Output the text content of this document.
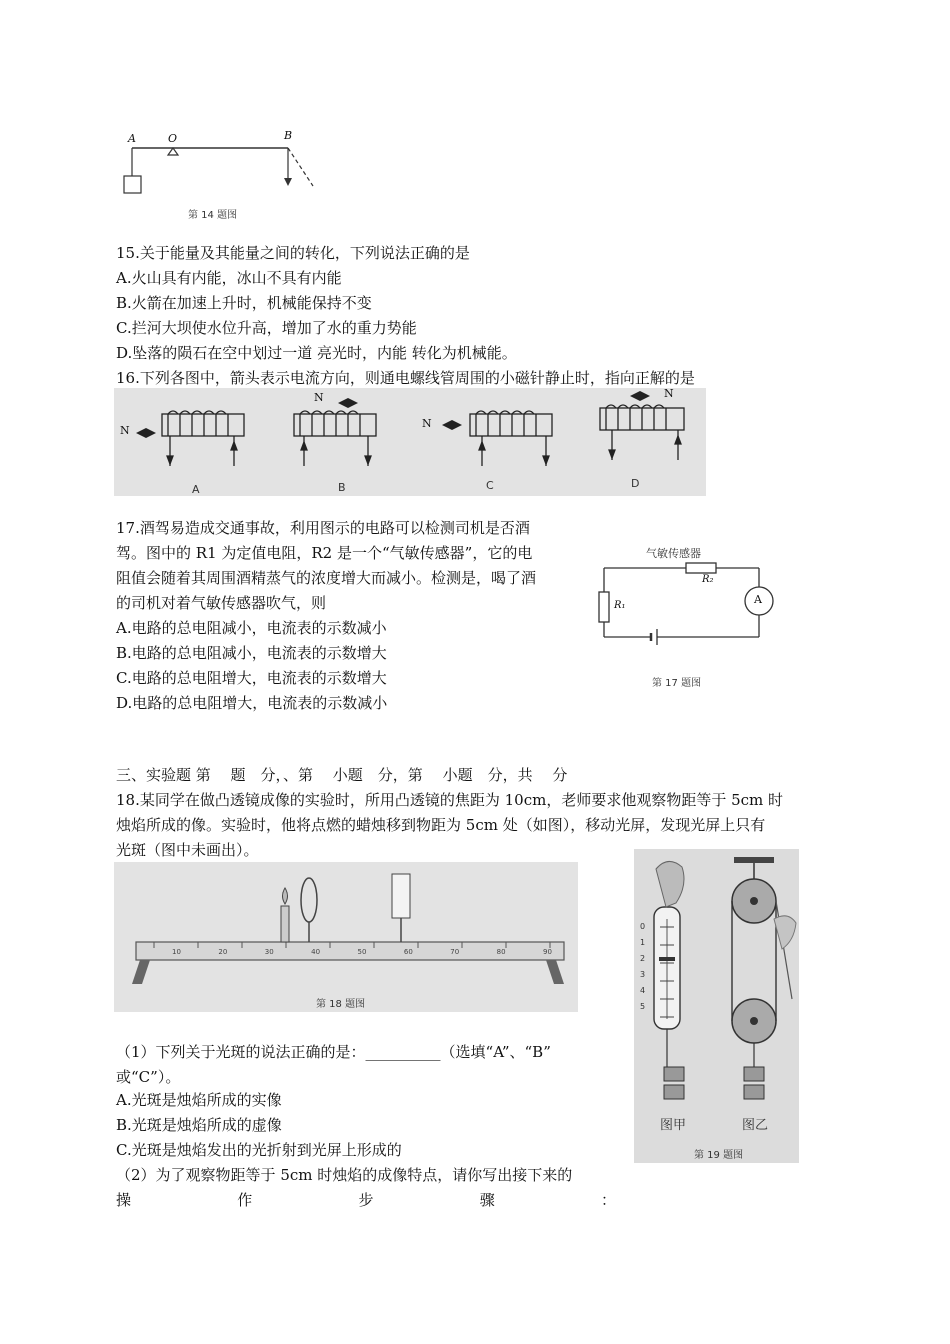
A	O	B
第 14 题图
15.关于能量及其能量之间的转化，下列说法正确的是
A.火山具有内能，冰山不具有内能
B.火箭在加速上升时，机械能保持不变
C.拦河大坝使水位升高，增加了水的重力势能
D.坠落的陨石在空中划过一道 亮光时，内能 转化为机械能。
16.下列各图中，箭头表示电流方向，则通电螺线管周围的小磁针静止时，指向正解的是
N
N
N
N
A	B	C	D
17.酒驾易造成交通事故，利用图示的电路可以检测司机是否酒
驾。图中的 R1 为定值电阻，R2 是一个“气敏传感器”，它的电
阻值会随着其周围酒精蒸气的浓度增大而减小。检测是，喝了酒
的司机对着气敏传感器吹气，则
A.电路的总电阻减小，电流表的示数减小
B.电路的总电阻减小，电流表的示数增大
C.电路的总电阻增大，电流表的示数增大
D.电路的总电阻增大，电流表的示数减小
气敏传感器
R₂
R₁	A
第 17 题图
三、实验题 第　 题　分，、第　 小题　分，第　 小题　分，共　 分
18.某同学在做凸透镜成像的实验时，所用凸透镜的焦距为 10cm，老师要求他观察物距等于 5cm 时
烛焰所成的像。实验时，他将点燃的蜡烛移到物距为 5cm 处（如图），移动光屏，发现光屏上只有
光斑（图中未画出）。
10	20	30	40	50	60	70	80	90
第 18 题图
（1）下列关于光斑的说法正确的是：__________（选填“A”、“B”
或“C”）。
A.光斑是烛焰所成的实像
B.光斑是烛焰所成的虚像
C.光斑是烛焰发出的光折射到光屏上形成的
（2）为了观察物距等于 5cm 时烛焰的成像特点，请你写出接下来的
操	作	步	骤	：
0
1
2
3
4
5
图甲	图乙
第 19 题图
